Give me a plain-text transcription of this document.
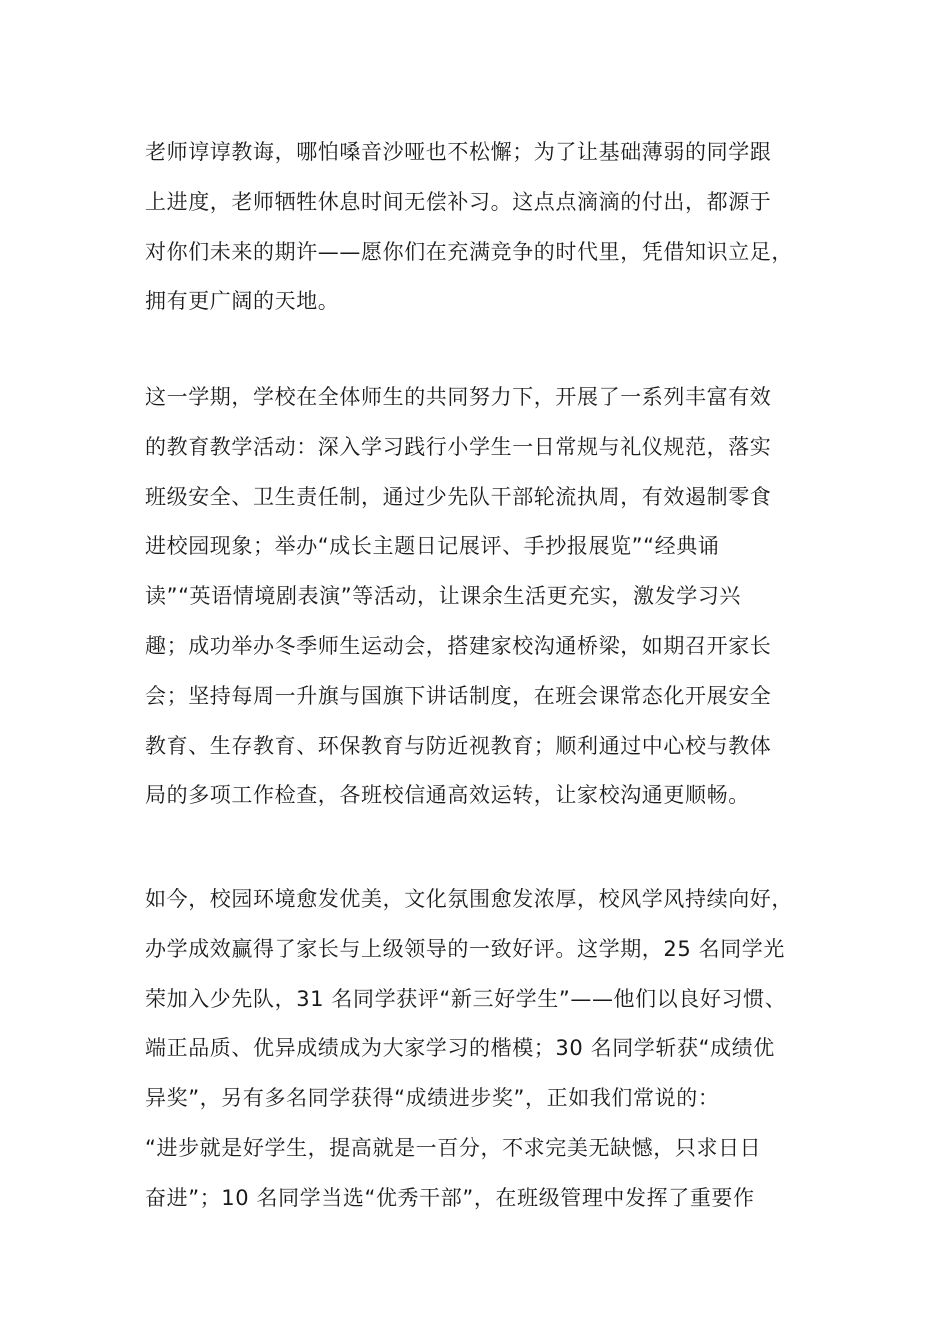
老师谆谆教诲，哪怕嗓音沙哑也不松懈；为了让基础薄弱的同学跟
上进度，老师牺牲休息时间无偿补习。这点点滴滴的付出，都源于
对你们未来的期许——愿你们在充满竞争的时代里，凭借知识立足，
拥有更广阔的天地。
这一学期，学校在全体师生的共同努力下，开展了一系列丰富有效
的教育教学活动：深入学习践行小学生一日常规与礼仪规范，落实
班级安全、卫生责任制，通过少先队干部轮流执周，有效遏制零食
进校园现象；举办“成长主题日记展评、手抄报展览”“经典诵
读”“英语情境剧表演”等活动，让课余生活更充实，激发学习兴
趣；成功举办冬季师生运动会，搭建家校沟通桥梁，如期召开家长
会；坚持每周一升旗与国旗下讲话制度，在班会课常态化开展安全
教育、生存教育、环保教育与防近视教育；顺利通过中心校与教体
局的多项工作检查，各班校信通高效运转，让家校沟通更顺畅。
如今，校园环境愈发优美，文化氛围愈发浓厚，校风学风持续向好，
办学成效赢得了家长与上级领导的一致好评。这学期，25 名同学光
荣加入少先队，31 名同学获评“新三好学生”——他们以良好习惯、
端正品质、优异成绩成为大家学习的楷模；30 名同学斩获“成绩优
异奖”，另有多名同学获得“成绩进步奖”，正如我们常说的：
“进步就是好学生，提高就是一百分，不求完美无缺憾，只求日日
奋进”；10 名同学当选“优秀干部”，在班级管理中发挥了重要作
